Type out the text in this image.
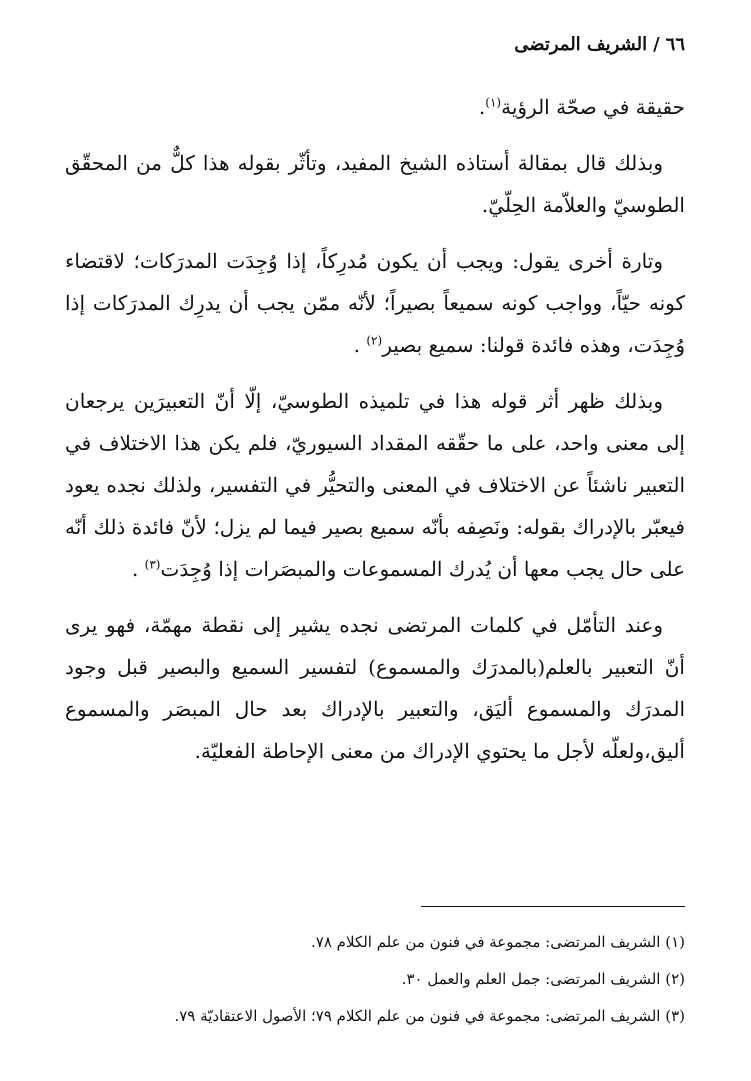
٦٦/الشريف المرتضى

حقيقة في صحّة الرؤية$^{(١)}$.

وبذلك قال بمقالة أستاذه الشيخ المفيد، وتأثّر بقوله هذا كلٌّ من المحقّق الطوسيّ والعلاّمة الحِلّيّ.

وتارة أخرى يقول: ويجب أن يكون مُدرِكاً، إذا وُجِدَت المدرَكات؛ لاقتضاء كونه حيّاً، وواجب كونه سميعاً بصيراً؛ لأنّه ممّن يجب أن يدرِك المدرَكات إذا وُجِدَت، وهذه فائدة قولنا: سميع بصير$^{(٢)}$ .

وبذلك ظهر أثر قوله هذا في تلميذه الطوسيّ، إلّا أنّ التعبيرَين يرجعان إلى معنى واحد، على ما حقّقه المقداد السيوريّ، فلم يكن هذا الاختلاف في التعبير ناشئاً عن الاختلاف في المعنى والتحيُّر في التفسير، ولذلك نجده يعود فيعبّر بالإدراك بقوله: ونَصِفه بأنّه سميع بصير فيما لم يزل؛ لأنّ فائدة ذلك أنّه على حال يجب معها أن يُدرك المسموعات والمبصَرات إذا وُجِدَت$^{(٣)}$ .

وعند التأمّل في كلمات المرتضى نجده يشير إلى نقطة مهمّة، فهو يرى أنّ التعبير بالعلم(بالمدرَك والمسموع) لتفسير السميع والبصير قبل وجود المدرَك والمسموع أليَق، والتعبير بالإدراك بعد حال المبصَر والمسموع أليق،ولعلّه لأجل ما يحتوي الإدراك من معنى الإحاطة الفعليّة.

(١) الشريف المرتضى: مجموعة في فنون من علم الكلام ٧٨.
(٢) الشريف المرتضى: جمل العلم والعمل ٣٠.
(٣) الشريف المرتضى: مجموعة في فنون من علم الكلام ٧٩؛ الأصول الاعتقاديّة ٧٩.
